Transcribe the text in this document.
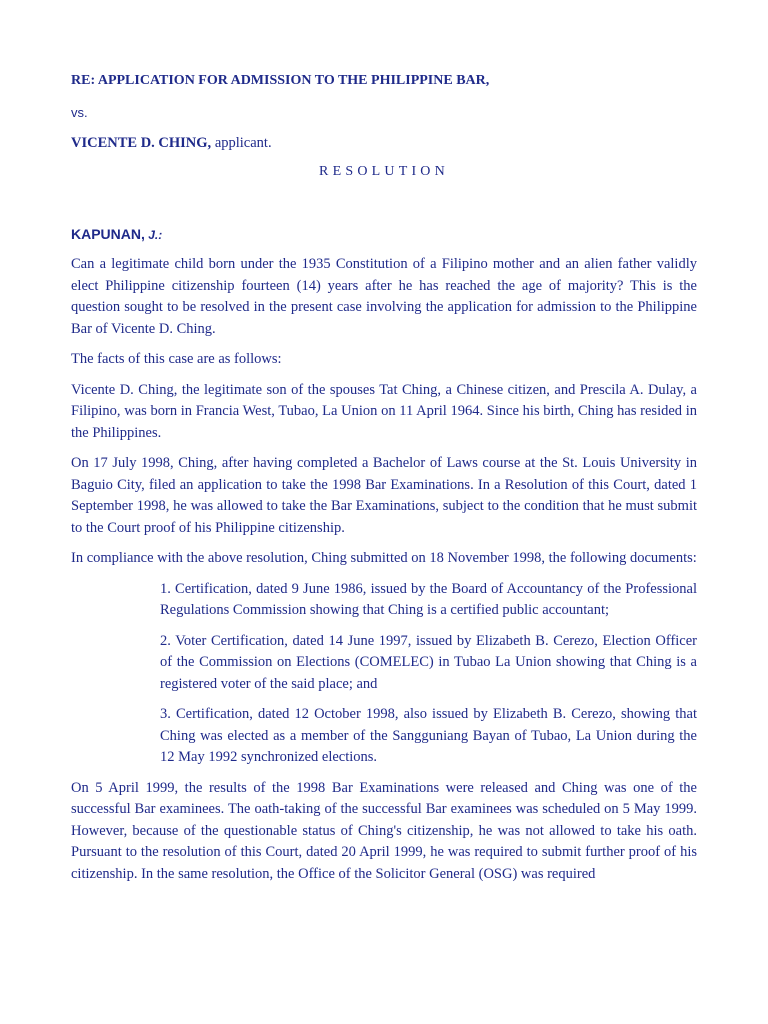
RE: APPLICATION FOR ADMISSION TO THE PHILIPPINE BAR,
vs.
VICENTE D. CHING, applicant.
RESOLUTION
KAPUNAN, J.:

Can a legitimate child born under the 1935 Constitution of a Filipino mother and an alien father validly elect Philippine citizenship fourteen (14) years after he has reached the age of majority? This is the question sought to be resolved in the present case involving the application for admission to the Philippine Bar of Vicente D. Ching.

The facts of this case are as follows:

Vicente D. Ching, the legitimate son of the spouses Tat Ching, a Chinese citizen, and Prescila A. Dulay, a Filipino, was born in Francia West, Tubao, La Union on 11 April 1964. Since his birth, Ching has resided in the Philippines.

On 17 July 1998, Ching, after having completed a Bachelor of Laws course at the St. Louis University in Baguio City, filed an application to take the 1998 Bar Examinations. In a Resolution of this Court, dated 1 September 1998, he was allowed to take the Bar Examinations, subject to the condition that he must submit to the Court proof of his Philippine citizenship.

In compliance with the above resolution, Ching submitted on 18 November 1998, the following documents:

1. Certification, dated 9 June 1986, issued by the Board of Accountancy of the Professional Regulations Commission showing that Ching is a certified public accountant;

2. Voter Certification, dated 14 June 1997, issued by Elizabeth B. Cerezo, Election Officer of the Commission on Elections (COMELEC) in Tubao La Union showing that Ching is a registered voter of the said place; and

3. Certification, dated 12 October 1998, also issued by Elizabeth B. Cerezo, showing that Ching was elected as a member of the Sangguniang Bayan of Tubao, La Union during the 12 May 1992 synchronized elections.

On 5 April 1999, the results of the 1998 Bar Examinations were released and Ching was one of the successful Bar examinees. The oath-taking of the successful Bar examinees was scheduled on 5 May 1999. However, because of the questionable status of Ching's citizenship, he was not allowed to take his oath. Pursuant to the resolution of this Court, dated 20 April 1999, he was required to submit further proof of his citizenship. In the same resolution, the Office of the Solicitor General (OSG) was required
